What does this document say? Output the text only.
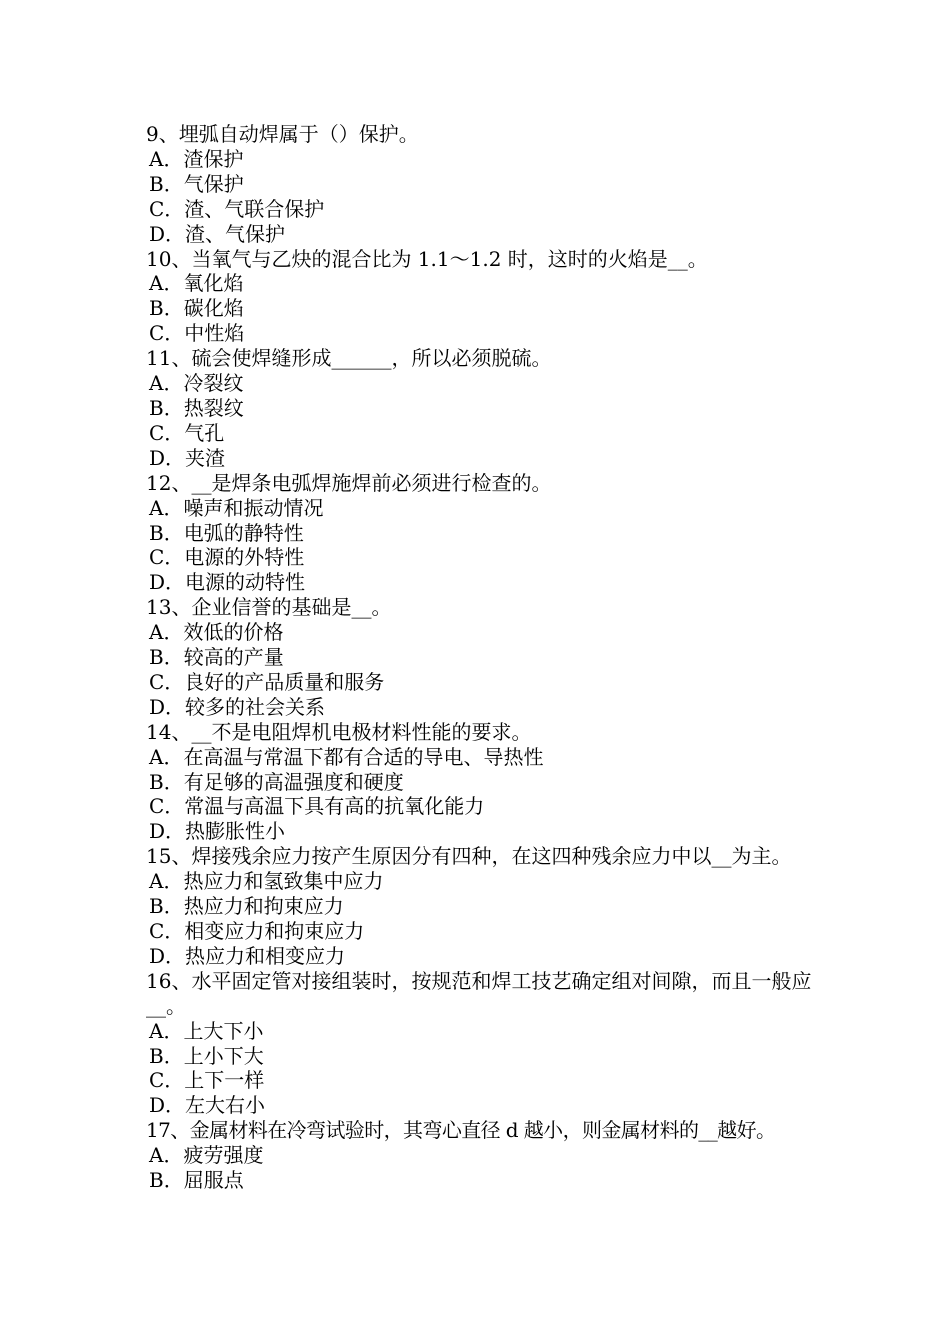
9、埋弧自动焊属于（）保护。

A．渣保护

B．气保护

C．渣、气联合保护

D．渣、气保护

10、当氧气与乙炔的混合比为 1.1～1.2 时，这时的火焰是__。

A．氧化焰

B．碳化焰

C．中性焰

11、硫会使焊缝形成______，所以必须脱硫。

A．冷裂纹

B．热裂纹

C．气孔

D．夹渣

12、__是焊条电弧焊施焊前必须进行检查的。

A．噪声和振动情况

B．电弧的静特性

C．电源的外特性

D．电源的动特性

13、企业信誉的基础是__。

A．效低的价格

B．较高的产量

C．良好的产品质量和服务

D．较多的社会关系

14、__不是电阻焊机电极材料性能的要求。

A．在高温与常温下都有合适的导电、导热性

B．有足够的高温强度和硬度

C．常温与高温下具有高的抗氧化能力

D．热膨胀性小

15、焊接残余应力按产生原因分有四种，在这四种残余应力中以__为主。

A．热应力和氢致集中应力

B．热应力和拘束应力

C．相变应力和拘束应力

D．热应力和相变应力

16、水平固定管对接组装时，按规范和焊工技艺确定组对间隙，而且一般应__。

A．上大下小

B．上小下大

C．上下一样

D．左大右小

17、金属材料在冷弯试验时，其弯心直径 d 越小，则金属材料的__越好。

A．疲劳强度

B．屈服点
